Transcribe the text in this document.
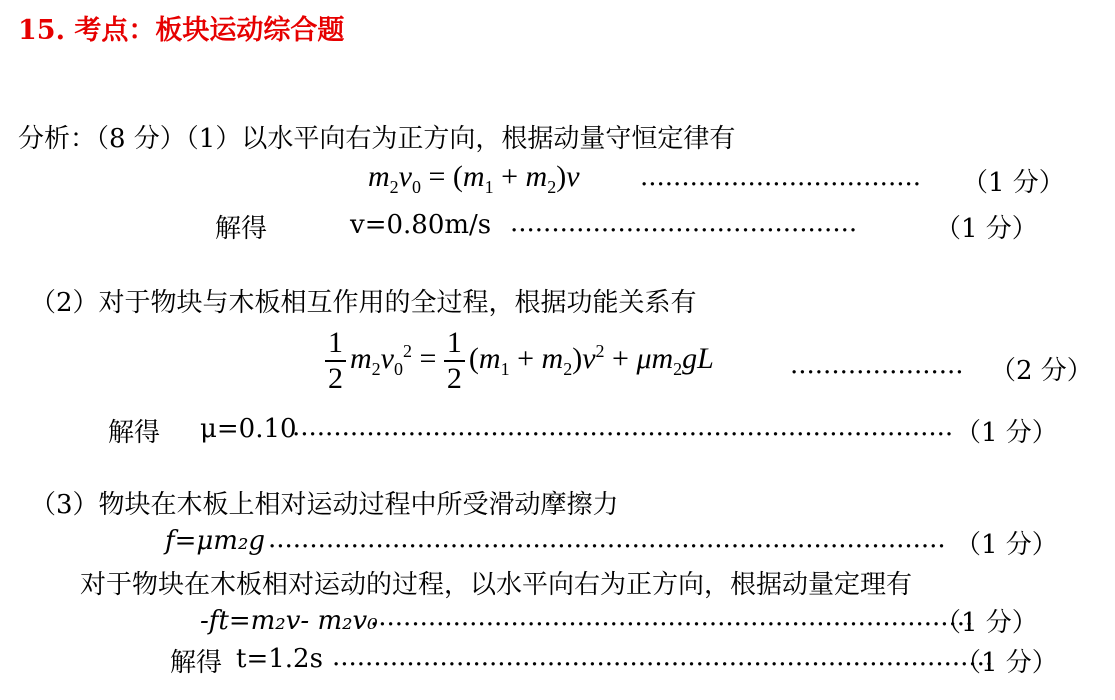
15. 考点：板块运动综合题
分析：（8 分）（1）以水平向右为正方向，根据动量守恒定律有
$m_2v_0 = (m_1 + m_2)v$ .................................. （1 分）
解得	v=0.80m/s ..........................................	（1 分）
（2）对于物块与木板相互作用的全过程，根据功能关系有
$\frac{1}{2} m_2v_0^2 = \frac{1}{2} (m_1 + m_2)v^2 + \mu m_2gL$	..................... （2 分）
解得 μ=0.10
................................................................................ （1 分）
（3）物块在木板上相对运动过程中所受滑动摩擦力
f=μm₂g .................................................................................. （1 分）
对于物块在木板相对运动的过程，以水平向右为正方向，根据动量定理有
-ft=m₂v- m₂v₀
.........................................................................
（1 分）
解得 t=1.2s ................................................................................
（1 分）
